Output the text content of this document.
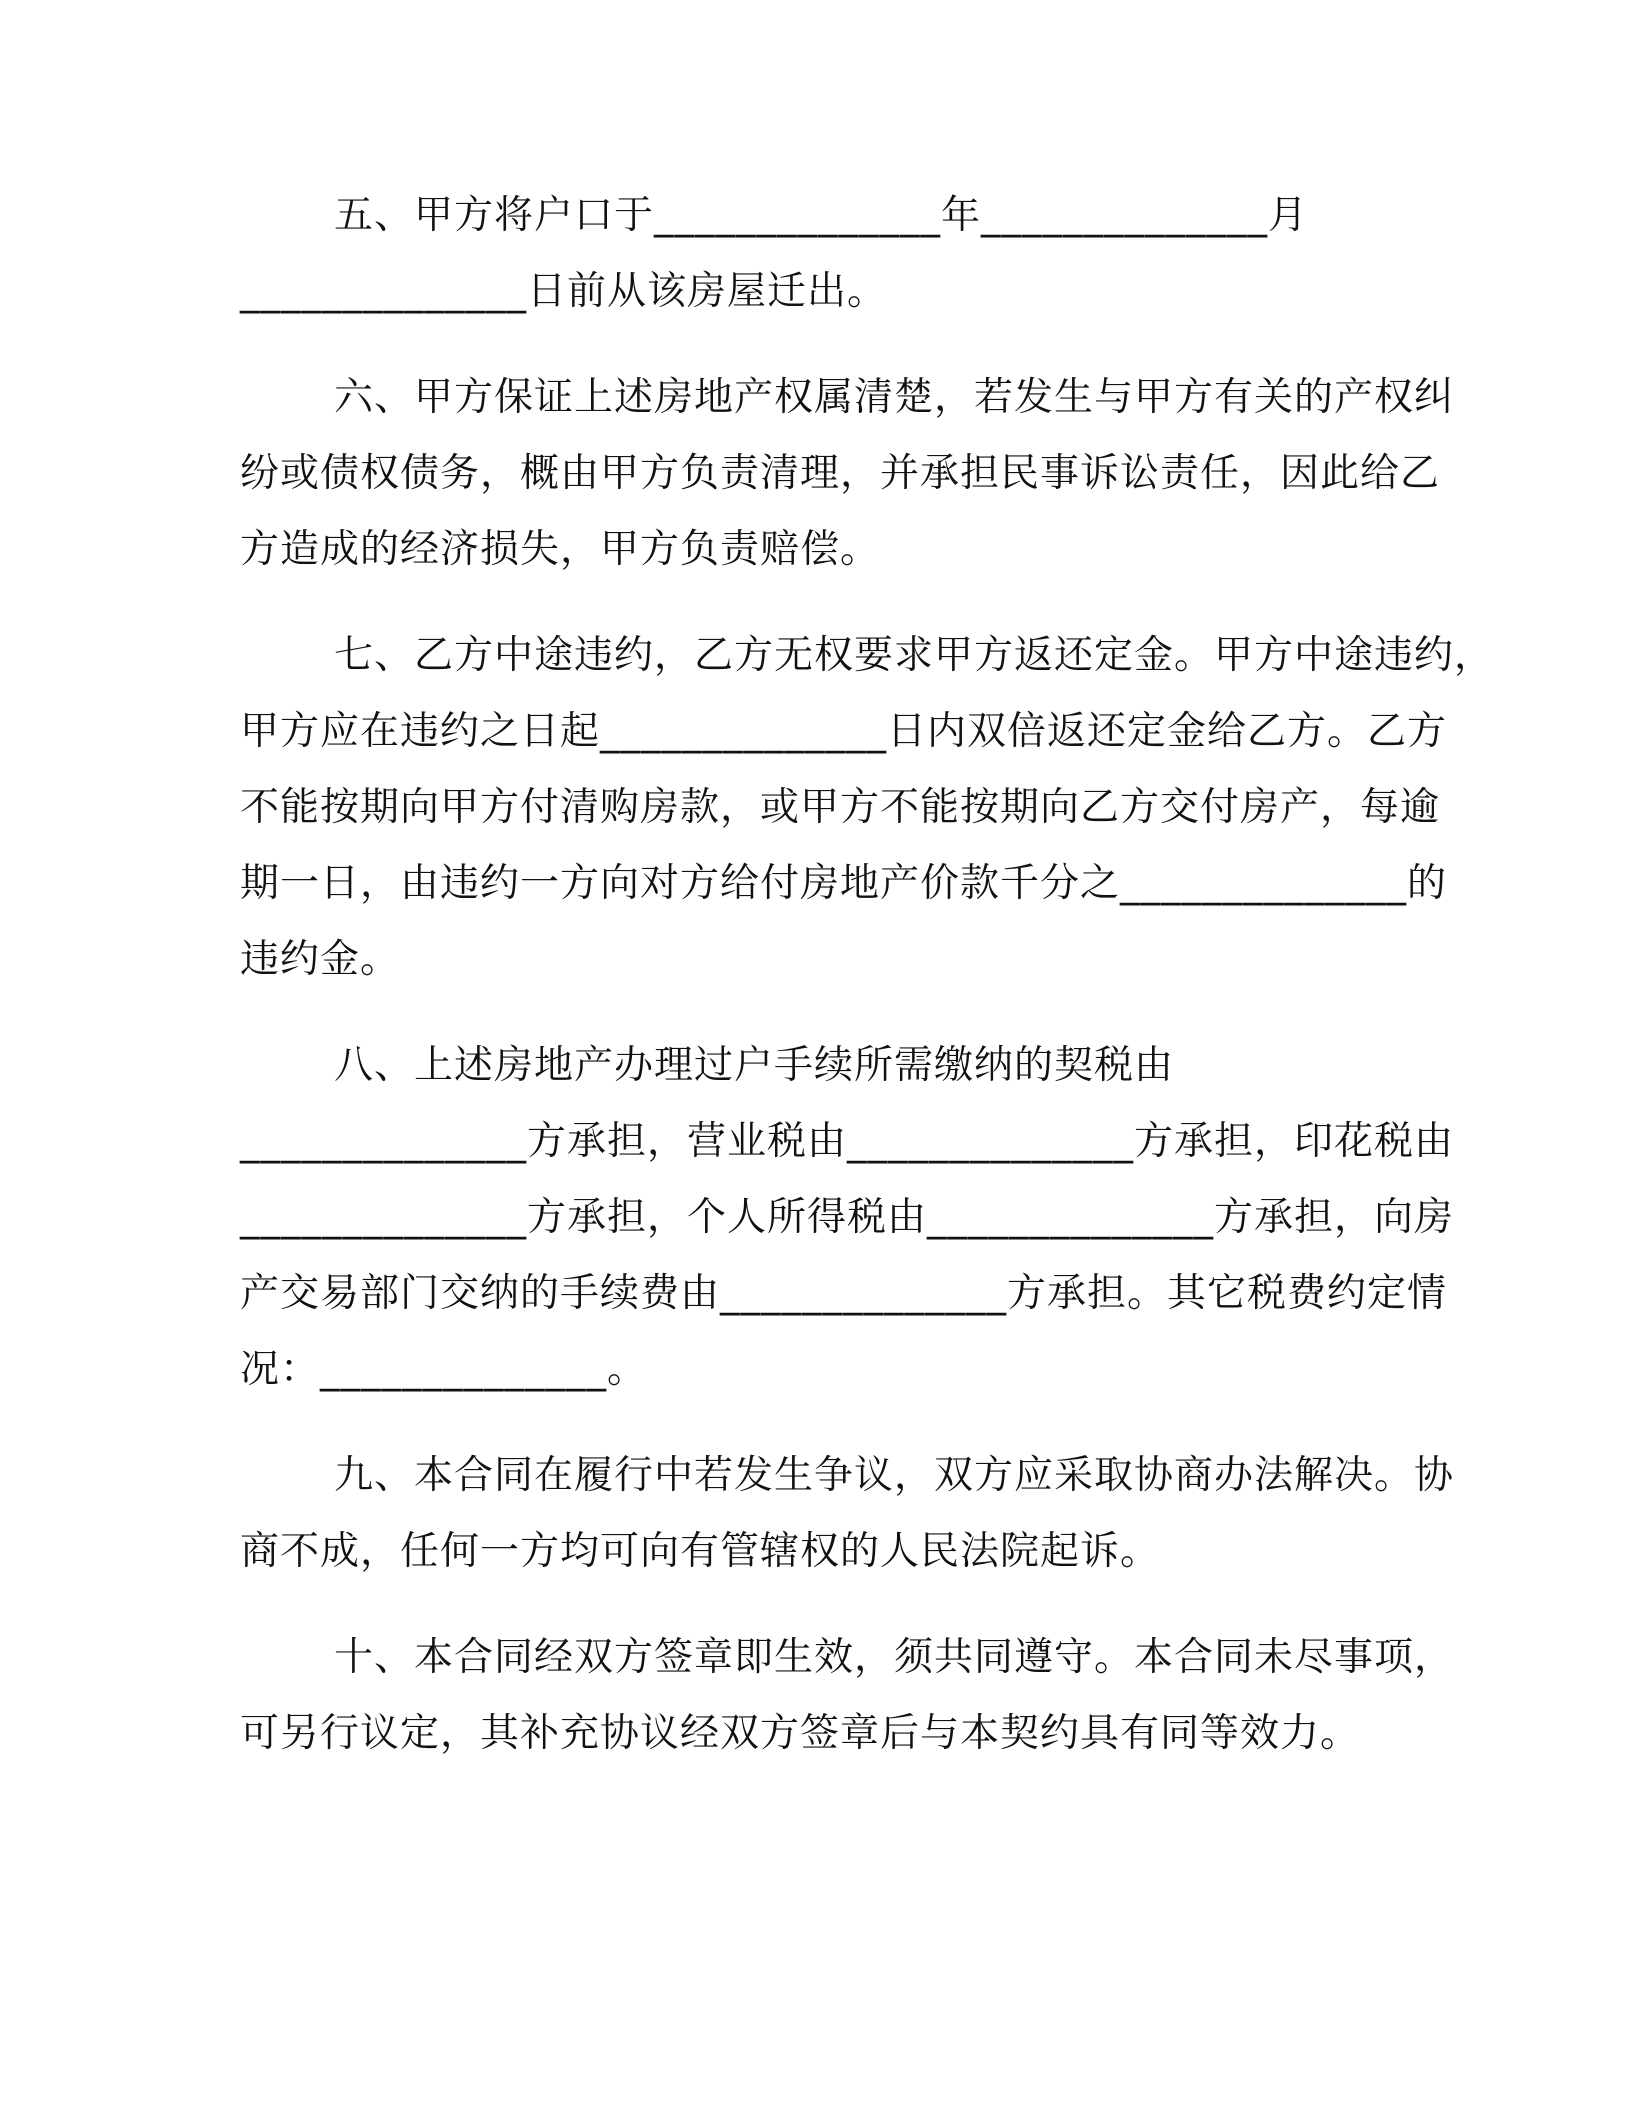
五、甲方将户口于______________年______________月
______________日前从该房屋迁出。
六、甲方保证上述房地产权属清楚，若发生与甲方有关的产权纠
纷或债权债务，概由甲方负责清理，并承担民事诉讼责任，因此给乙
方造成的经济损失，甲方负责赔偿。
七、乙方中途违约，乙方无权要求甲方返还定金。甲方中途违约，
甲方应在违约之日起______________日内双倍返还定金给乙方。乙方
不能按期向甲方付清购房款，或甲方不能按期向乙方交付房产，每逾
期一日，由违约一方向对方给付房地产价款千分之______________的
违约金。
八、上述房地产办理过户手续所需缴纳的契税由
______________方承担，营业税由______________方承担，印花税由
______________方承担，个人所得税由______________方承担，向房
产交易部门交纳的手续费由______________方承担。其它税费约定情
况：______________。
九、本合同在履行中若发生争议，双方应采取协商办法解决。协
商不成，任何一方均可向有管辖权的人民法院起诉。
十、本合同经双方签章即生效，须共同遵守。本合同未尽事项，
可另行议定，其补充协议经双方签章后与本契约具有同等效力。
